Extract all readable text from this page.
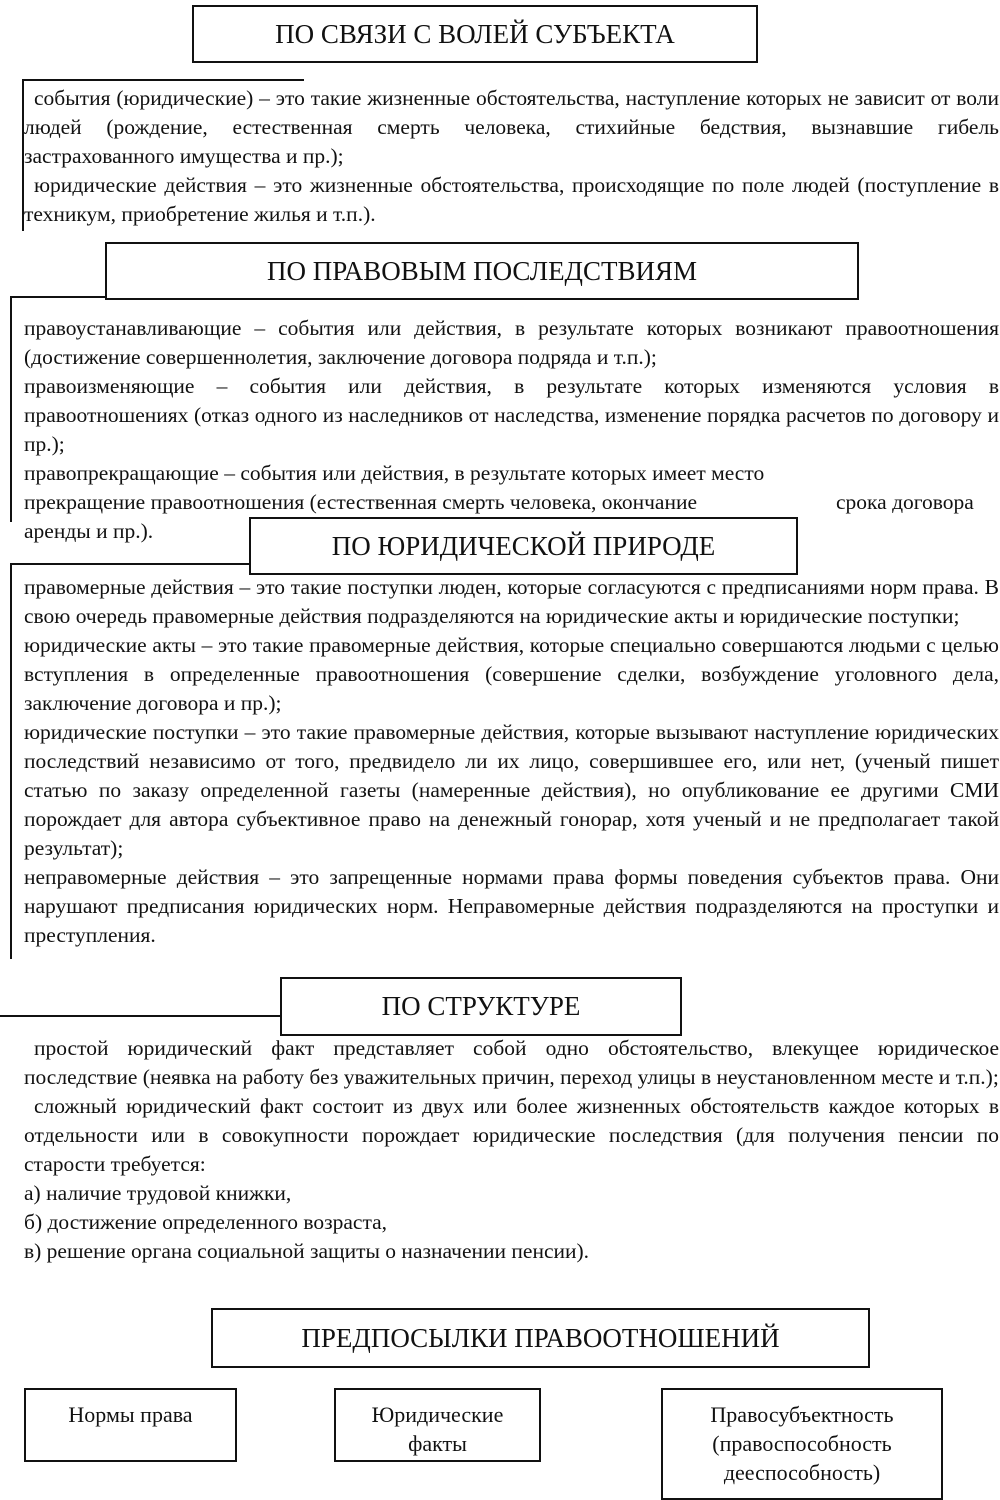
ПО СВЯЗИ С ВОЛЕЙ СУБЪЕКТА

события (юридические) – это такие жизненные обстоятельства, наступление которых не зависит от воли людей (рождение, естественная смерть человека, стихийные бедствия, вызнавшие гибель застрахованного имущества и пр.);

юридические действия – это жизненные обстоятельства, происходящие по поле людей (поступление в техникум, приобретение жилья и т.п.).

ПО ПРАВОВЫМ ПОСЛЕДСТВИЯМ

правоустанавливающие – события или действия, в результате которых возникают правоотношения (достижение совершеннолетия, заключение договора подряда и т.п.);

правоизменяющие – события или действия, в результате которых изменяются условия в правоотношениях (отказ одного из наследников от наследства, изменение порядка расчетов по договору и пр.);

правопрекращающие – события или действия, в результате которых имеет место прекращение правоотношения (естественная смерть человека, окончание	срока договора
аренды и пр.).	ПО ЮРИДИЧЕСКОЙ ПРИРОДЕ

правомерные действия – это такие поступки люден, которые согласуются с предписаниями норм права. В свою очередь правомерные действия подразделяются на юридические акты и юридические поступки;

юридические акты – это такие правомерные действия, которые специально совершаются людьми с целью вступления в определенные правоотношения (совершение сделки, возбуждение уголовного дела, заключение договора и пр.);

юридические поступки – это такие правомерные действия, которые вызывают наступление юридических последствий независимо от того, предвидело ли их лицо, совершившее его, или нет, (ученый пишет статью по заказу определенной газеты (намеренные действия), но опубликование ее другими СМИ порождает для автора субъективное право на денежный гонорар, хотя ученый и не предполагает такой результат);

неправомерные действия – это запрещенные нормами права формы поведения субъектов права. Они нарушают предписания юридических норм. Неправомерные действия подразделяются на проступки и преступления.

ПО СТРУКТУРЕ

простой юридический факт представляет собой одно обстоятельство, влекущее юридическое последствие (неявка на работу без уважительных причин, переход улицы в неустановленном месте и т.п.);

сложный юридический факт состоит из двух или более жизненных обстоятельств каждое которых в отдельности или в совокупности порождает юридические последствия (для получения пенсии по старости требуется:

а) наличие трудовой книжки,

б) достижение определенного возраста,

в) решение органа социальной защиты о назначении пенсии).

ПРЕДПОСЫЛКИ ПРАВООТНОШЕНИЙ
Нормы права	Юридические
факты
Правосубъектность
(правоспособность
дееспособность)
